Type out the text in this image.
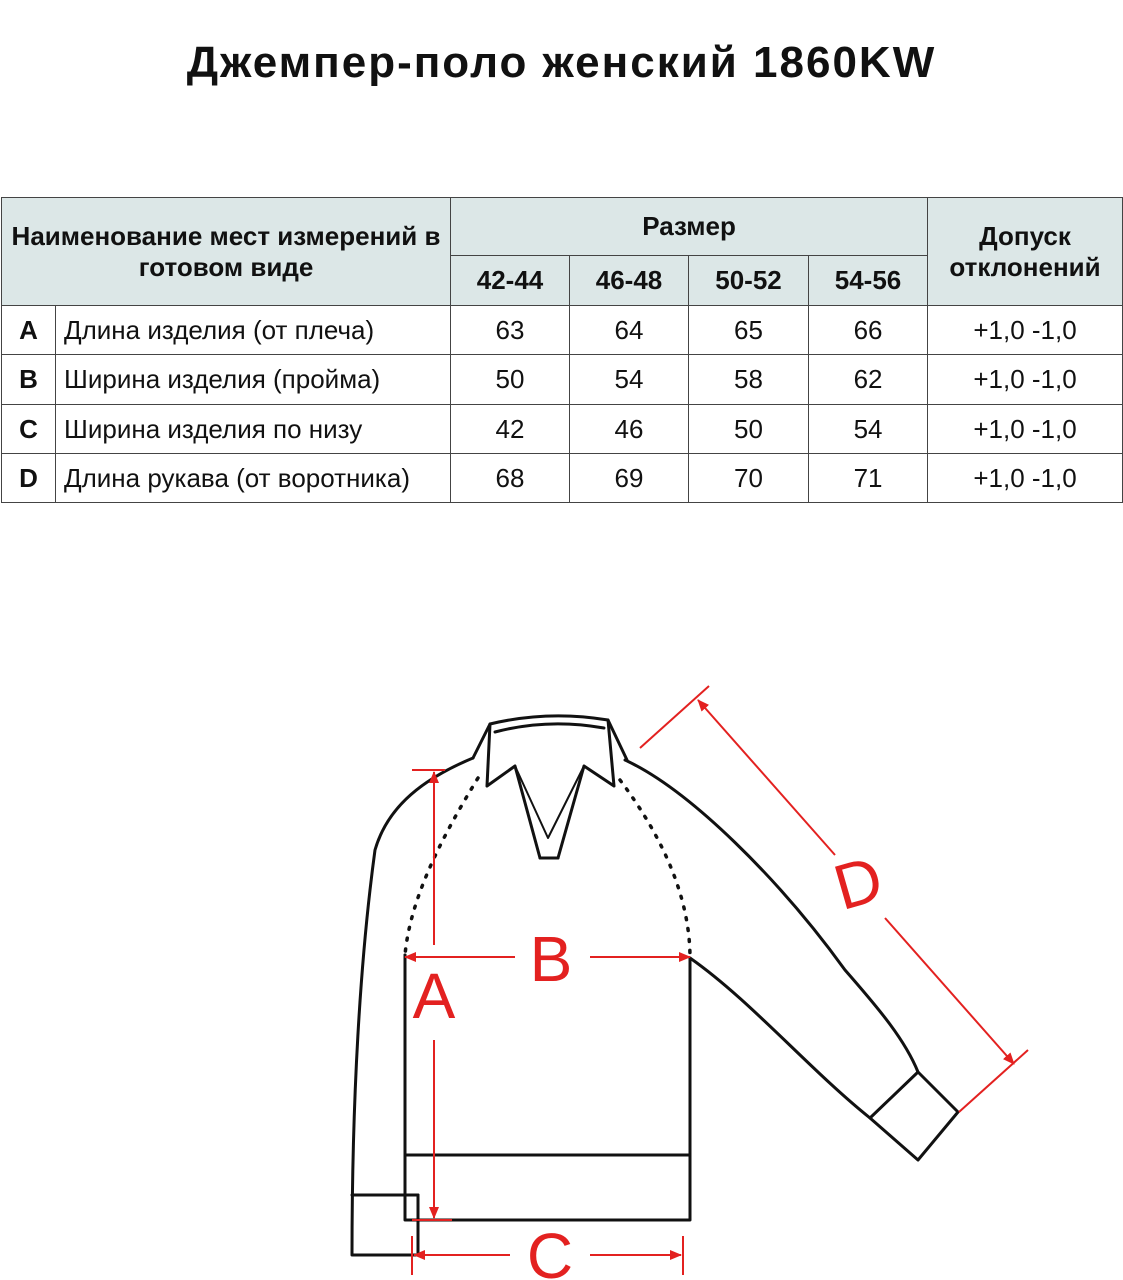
Джемпер-поло женский 1860KW
Наименование мест измерений в готовом виде		Размер				Допуск отклонений
		42-44	46-48	50-52	54-56	
A	Длина изделия (от плеча)	63	64	65	66	+1,0 -1,0
B	Ширина изделия (пройма)	50	54	58	62	+1,0 -1,0
C	Ширина изделия по низу	42	46	50	54	+1,0 -1,0
D	Длина рукава (от воротника)	68	69	70	71	+1,0 -1,0
A
B
C
D
